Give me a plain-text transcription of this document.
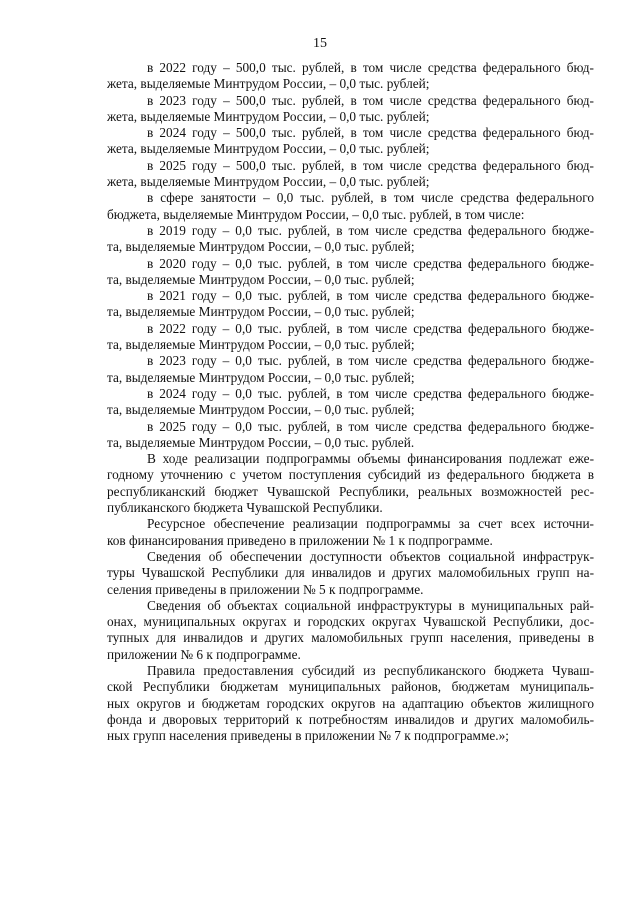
15
в 2022 году – 500,0 тыс. рублей, в том числе средства федерального бюд-
жета, выделяемые Минтрудом России, – 0,0 тыс. рублей;
в 2023 году – 500,0 тыс. рублей, в том числе средства федерального бюд-
жета, выделяемые Минтрудом России, – 0,0 тыс. рублей;
в 2024 году – 500,0 тыс. рублей, в том числе средства федерального бюд-
жета, выделяемые Минтрудом России, – 0,0 тыс. рублей;
в 2025 году – 500,0 тыс. рублей, в том числе средства федерального бюд-
жета, выделяемые Минтрудом России, – 0,0 тыс. рублей;
в сфере занятости – 0,0 тыс. рублей, в том числе средства федерального
бюджета, выделяемые Минтрудом России, – 0,0 тыс. рублей, в том числе:
в 2019 году – 0,0 тыс. рублей, в том числе средства федерального бюдже-
та, выделяемые Минтрудом России, – 0,0 тыс. рублей;
в 2020 году – 0,0 тыс. рублей, в том числе средства федерального бюдже-
та, выделяемые Минтрудом России, – 0,0 тыс. рублей;
в 2021 году – 0,0 тыс. рублей, в том числе средства федерального бюдже-
та, выделяемые Минтрудом России, – 0,0 тыс. рублей;
в 2022 году – 0,0 тыс. рублей, в том числе средства федерального бюдже-
та, выделяемые Минтрудом России, – 0,0 тыс. рублей;
в 2023 году – 0,0 тыс. рублей, в том числе средства федерального бюдже-
та, выделяемые Минтрудом России, – 0,0 тыс. рублей;
в 2024 году – 0,0 тыс. рублей, в том числе средства федерального бюдже-
та, выделяемые Минтрудом России, – 0,0 тыс. рублей;
в 2025 году – 0,0 тыс. рублей, в том числе средства федерального бюдже-
та, выделяемые Минтрудом России, – 0,0 тыс. рублей.
В ходе реализации подпрограммы объемы финансирования подлежат еже-
годному уточнению с учетом поступления субсидий из федерального бюджета в
республиканский бюджет Чувашской Республики, реальных возможностей рес-
публиканского бюджета Чувашской Республики.
Ресурсное обеспечение реализации подпрограммы за счет всех источни-
ков финансирования приведено в приложении № 1 к подпрограмме.
Сведения об обеспечении доступности объектов социальной инфраструк-
туры Чувашской Республики для инвалидов и других маломобильных групп на-
селения приведены в приложении № 5 к подпрограмме.
Сведения об объектах социальной инфраструктуры в муниципальных рай-
онах, муниципальных округах и городских округах Чувашской Республики, дос-
тупных для инвалидов и других маломобильных групп населения, приведены в
приложении № 6 к подпрограмме.
Правила предоставления субсидий из республиканского бюджета Чуваш-
ской Республики бюджетам муниципальных районов, бюджетам муниципаль-
ных округов и бюджетам городских округов на адаптацию объектов жилищного
фонда и дворовых территорий к потребностям инвалидов и других маломобиль-
ных групп населения приведены в приложении № 7 к подпрограмме.»;
